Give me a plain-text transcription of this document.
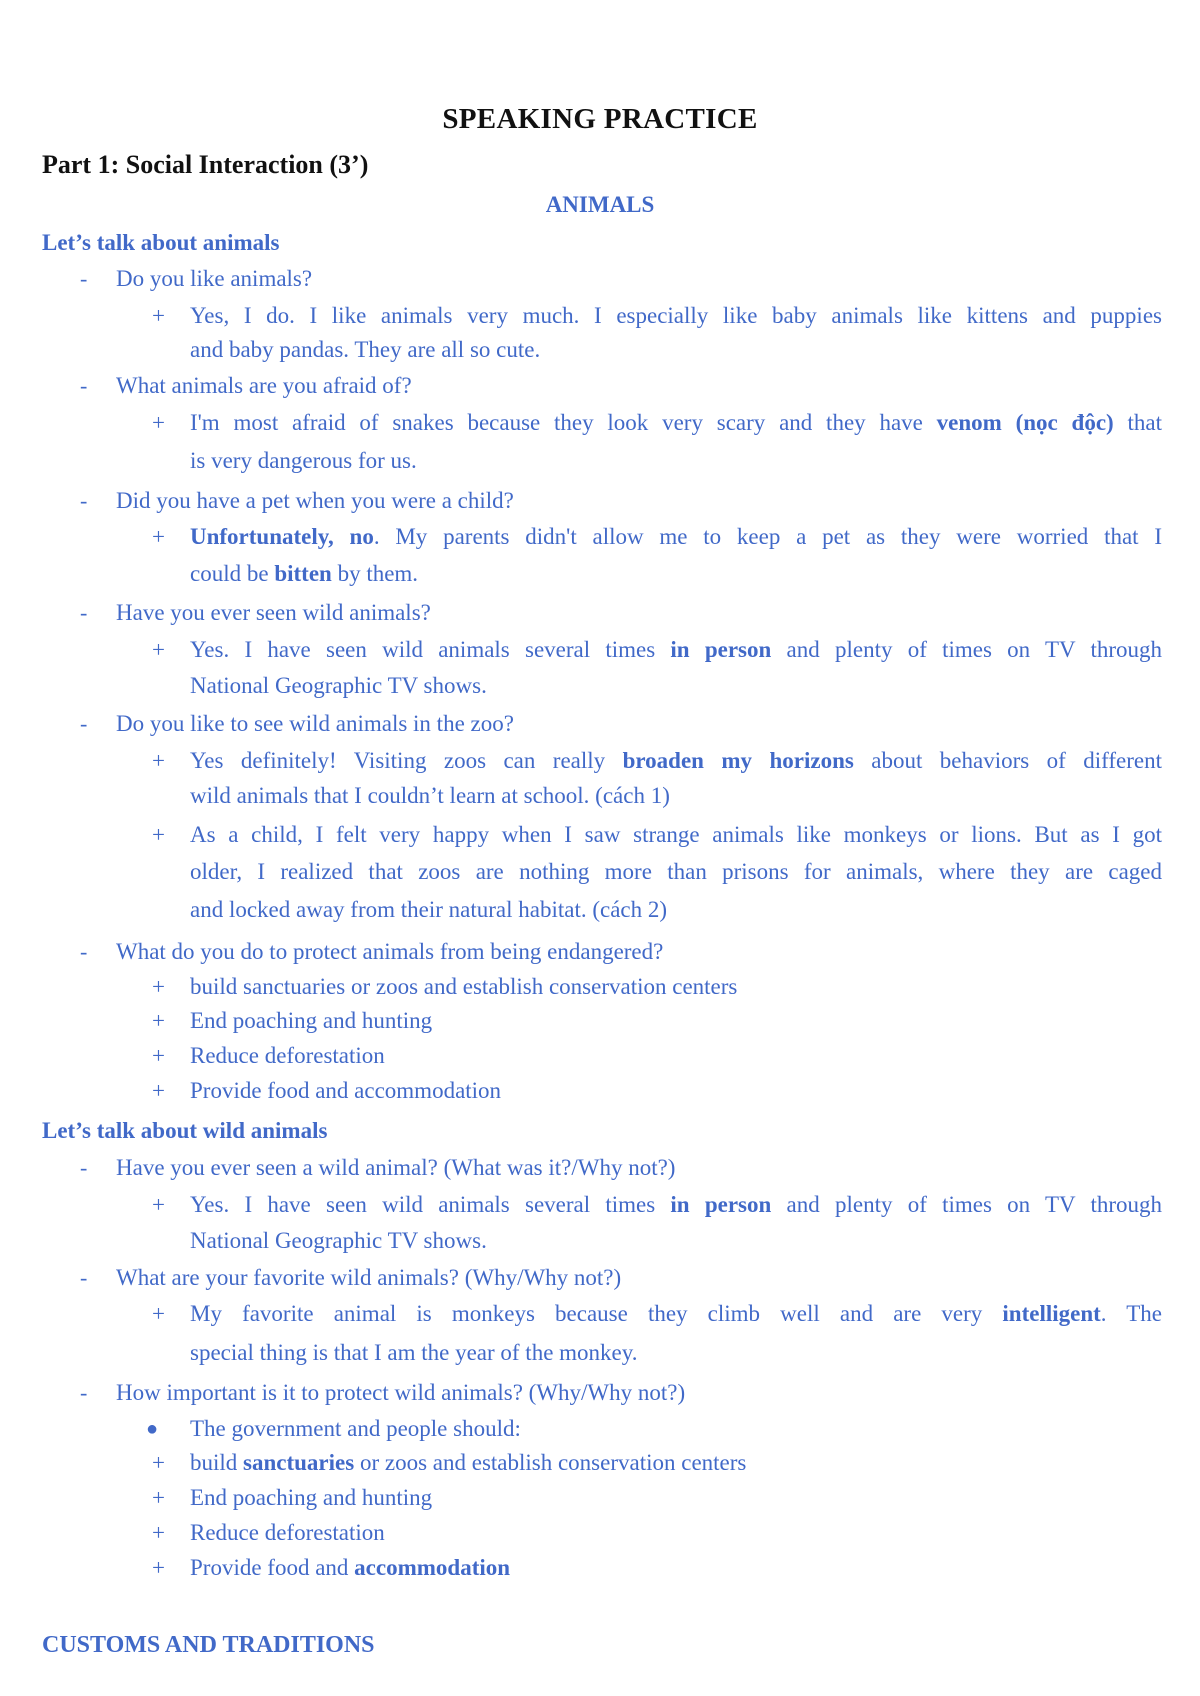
SPEAKING PRACTICE
Part 1: Social Interaction (3’)
ANIMALS
Let’s talk about animals
- Do you like animals?
+ Yes, I do. I like animals very much. I especially like baby animals like kittens and puppies
and baby pandas. They are all so cute.
- What animals are you afraid of?
+ I'm most afraid of snakes because they look very scary and they have venom (nọc độc) that
is very dangerous for us.
- Did you have a pet when you were a child?
+ Unfortunately, no. My parents didn't allow me to keep a pet as they were worried that I
could be bitten by them.
- Have you ever seen wild animals?
+ Yes. I have seen wild animals several times in person and plenty of times on TV through
National Geographic TV shows.
- Do you like to see wild animals in the zoo?
+ Yes definitely! Visiting zoos can really broaden my horizons about behaviors of different
wild animals that I couldn’t learn at school. (cách 1)
+ As a child, I felt very happy when I saw strange animals like monkeys or lions. But as I got
older, I realized that zoos are nothing more than prisons for animals, where they are caged
and locked away from their natural habitat. (cách 2)
- What do you do to protect animals from being endangered?
+ build sanctuaries or zoos and establish conservation centers
+ End poaching and hunting
+ Reduce deforestation
+ Provide food and accommodation
Let’s talk about wild animals
- Have you ever seen a wild animal? (What was it?/Why not?)
+ Yes. I have seen wild animals several times in person and plenty of times on TV through
National Geographic TV shows.
- What are your favorite wild animals? (Why/Why not?)
+ My favorite animal is monkeys because they climb well and are very intelligent. The
special thing is that I am the year of the monkey.
- How important is it to protect wild animals? (Why/Why not?)
● The government and people should:
+ build sanctuaries or zoos and establish conservation centers
+ End poaching and hunting
+ Reduce deforestation
+ Provide food and accommodation
CUSTOMS AND TRADITIONS
